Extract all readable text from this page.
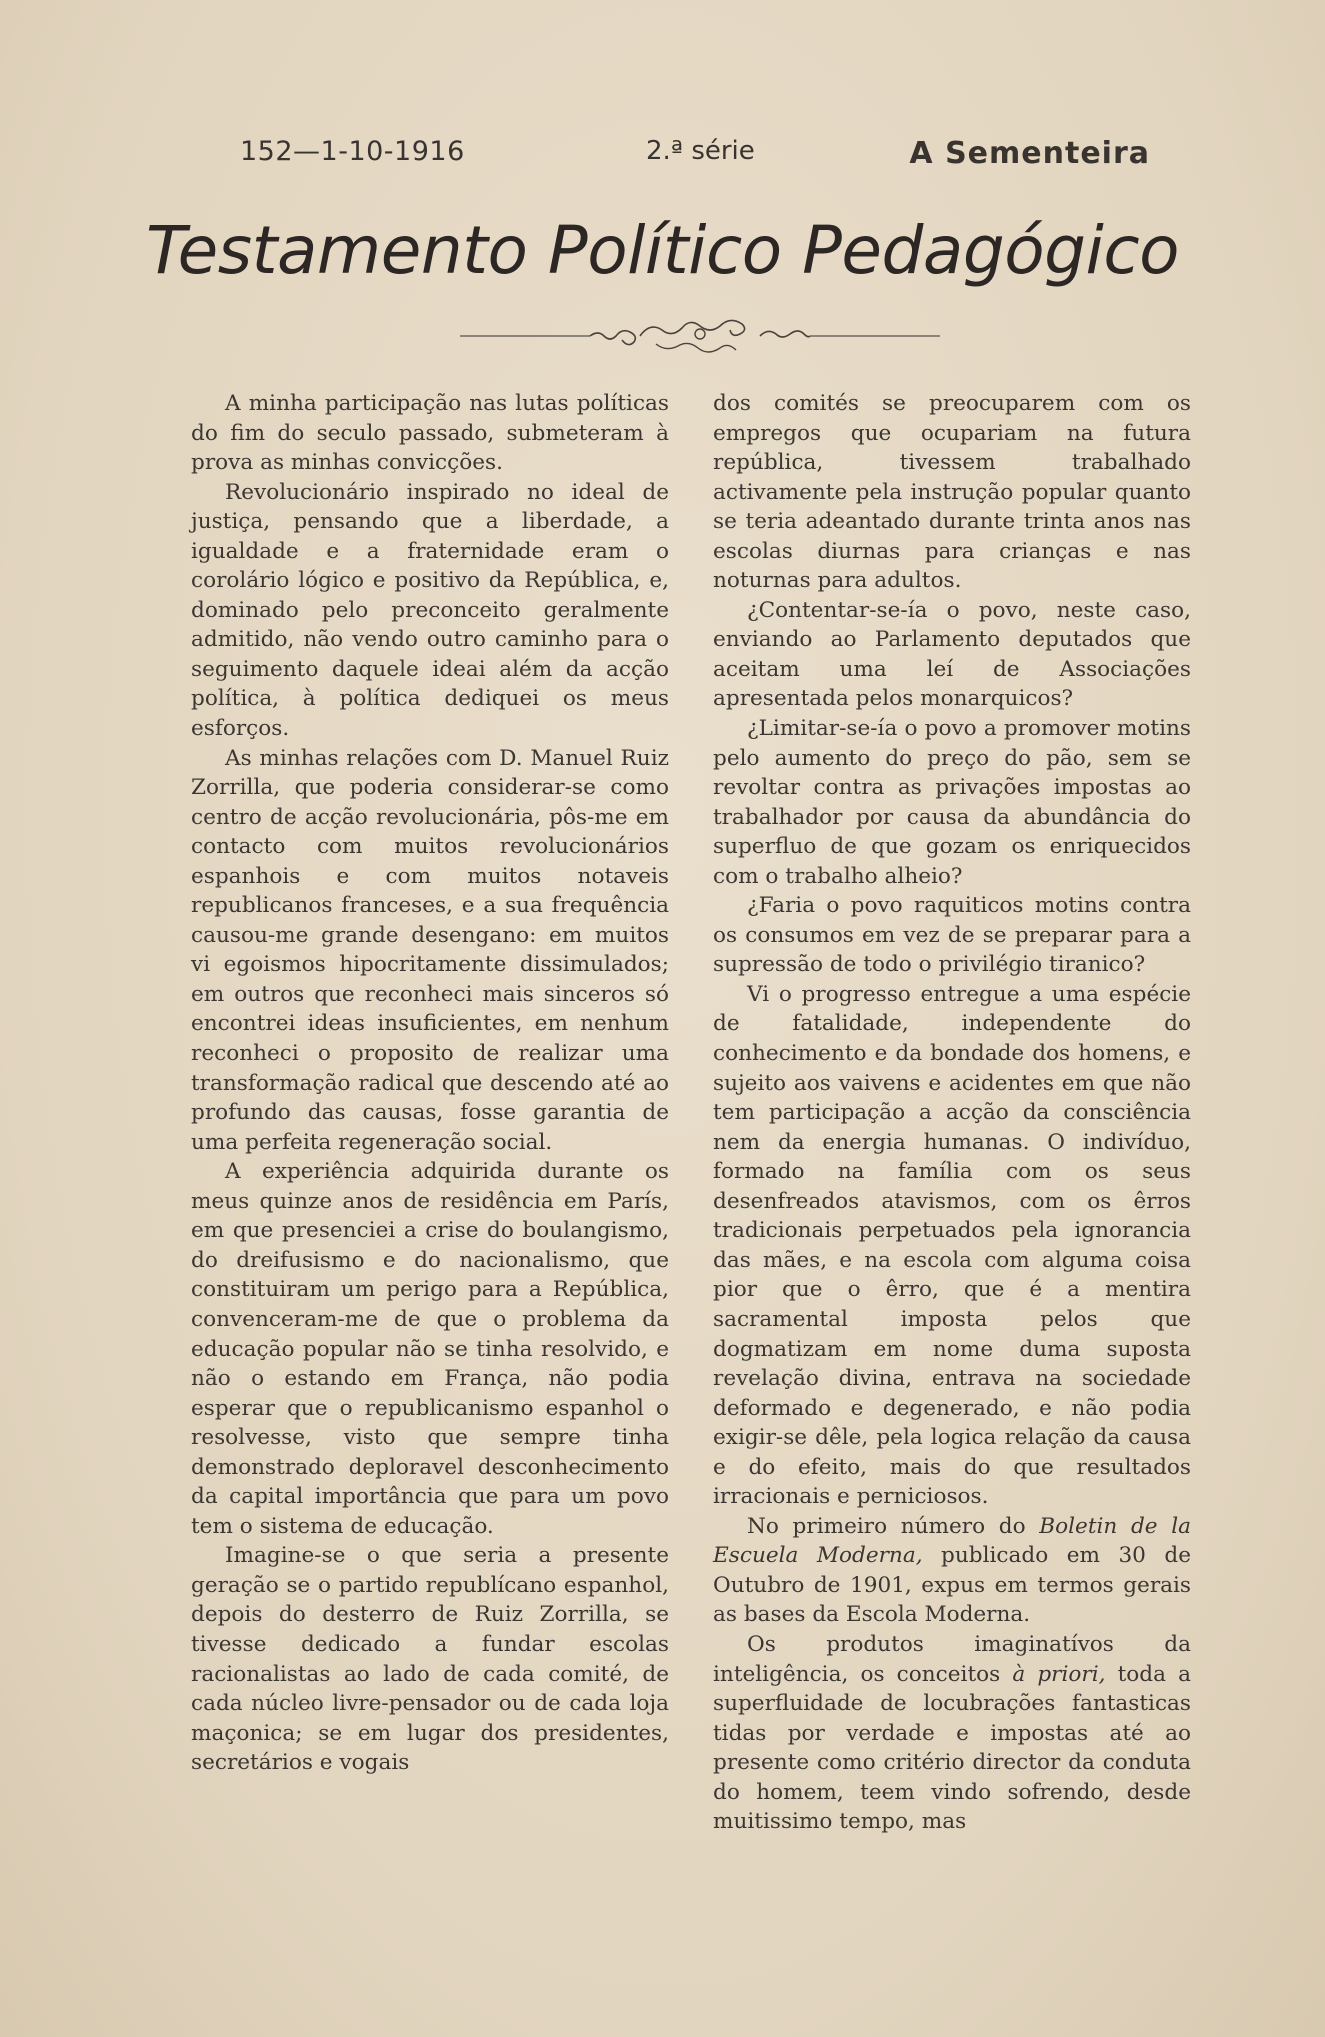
152—1-10-1916	2.ª série	A Sementeira
Testamento Político Pedagógico

A minha participação nas lutas políticas do fim do seculo passado, submeteram à prova as minhas convicções.

Revolucionário inspirado no ideal de justiça, pensando que a liberdade, a igualdade e a fraternidade eram o corolário lógico e positivo da República, e, dominado pelo preconceito geralmente admitido, não vendo outro caminho para o seguimento daquele ideai além da acção política, à política dediquei os meus esforços.

As minhas relações com D. Manuel Ruiz Zorrilla, que poderia considerar-se como centro de acção revolucionária, pôs-me em contacto com muitos revolucionários espanhois e com muitos notaveis republicanos franceses, e a sua frequência causou-me grande desengano: em muitos vi egoismos hipocritamente dissimulados; em outros que reconheci mais sinceros só encontrei ideas insuficientes, em nenhum reconheci o proposito de realizar uma transformação radical que descendo até ao profundo das causas, fosse garantia de uma perfeita regeneração social.

A experiência adquirida durante os meus quinze anos de residência em París, em que presenciei a crise do boulangismo, do dreifusismo e do nacionalismo, que constituiram um perigo para a República, convenceram-me de que o problema da educação popular não se tinha resolvido, e não o estando em França, não podia esperar que o republicanismo espanhol o resolvesse, visto que sempre tinha demonstrado deploravel desconhecimento da capital importância que para um povo tem o sistema de educação.

Imagine-se o que seria a presente geração se o partido republícano espanhol, depois do desterro de Ruiz Zorrilla, se tivesse dedicado a fundar escolas racionalistas ao lado de cada comité, de cada núcleo livre-pensador ou de cada loja maçonica; se em lugar dos presidentes, secretários e vogais

dos comités se preocuparem com os empregos que ocupariam na futura república, tivessem trabalhado activamente pela instrução popular quanto se teria adeantado durante trinta anos nas escolas diurnas para crianças e nas noturnas para adultos.

¿Contentar-se-ía o povo, neste caso, enviando ao Parlamento deputados que aceitam uma leí de Associações apresentada pelos monarquicos?

¿Limitar-se-ía o povo a promover motins pelo aumento do preço do pão, sem se revoltar contra as privações impostas ao trabalhador por causa da abundância do superfluo de que gozam os enriquecidos com o trabalho alheio?

¿Faria o povo raquiticos motins contra os consumos em vez de se preparar para a supressão de todo o privilégio tiranico?

Vi o progresso entregue a uma espécie de fatalidade, independente do conhecimento e da bondade dos homens, e sujeito aos vaivens e acidentes em que não tem participação a acção da consciência nem da energia humanas. O indivíduo, formado na família com os seus desenfreados atavismos, com os êrros tradicionais perpetuados pela ignorancia das mães, e na escola com alguma coisa pior que o êrro, que é a mentira sacramental imposta pelos que dogmatizam em nome duma suposta revelação divina, entrava na sociedade deformado e degenerado, e não podia exigir-se dêle, pela logica relação da causa e do efeito, mais do que resultados irracionais e perniciosos.

No primeiro número do Boletin de la Escuela Moderna, publicado em 30 de Outubro de 1901, expus em termos gerais as bases da Escola Moderna.

Os produtos imaginatívos da inteligência, os conceitos à priori, toda a superfluidade de locubrações fantasticas tidas por verdade e impostas até ao presente como critério director da conduta do homem, teem vindo sofrendo, desde muitissimo tempo, mas
